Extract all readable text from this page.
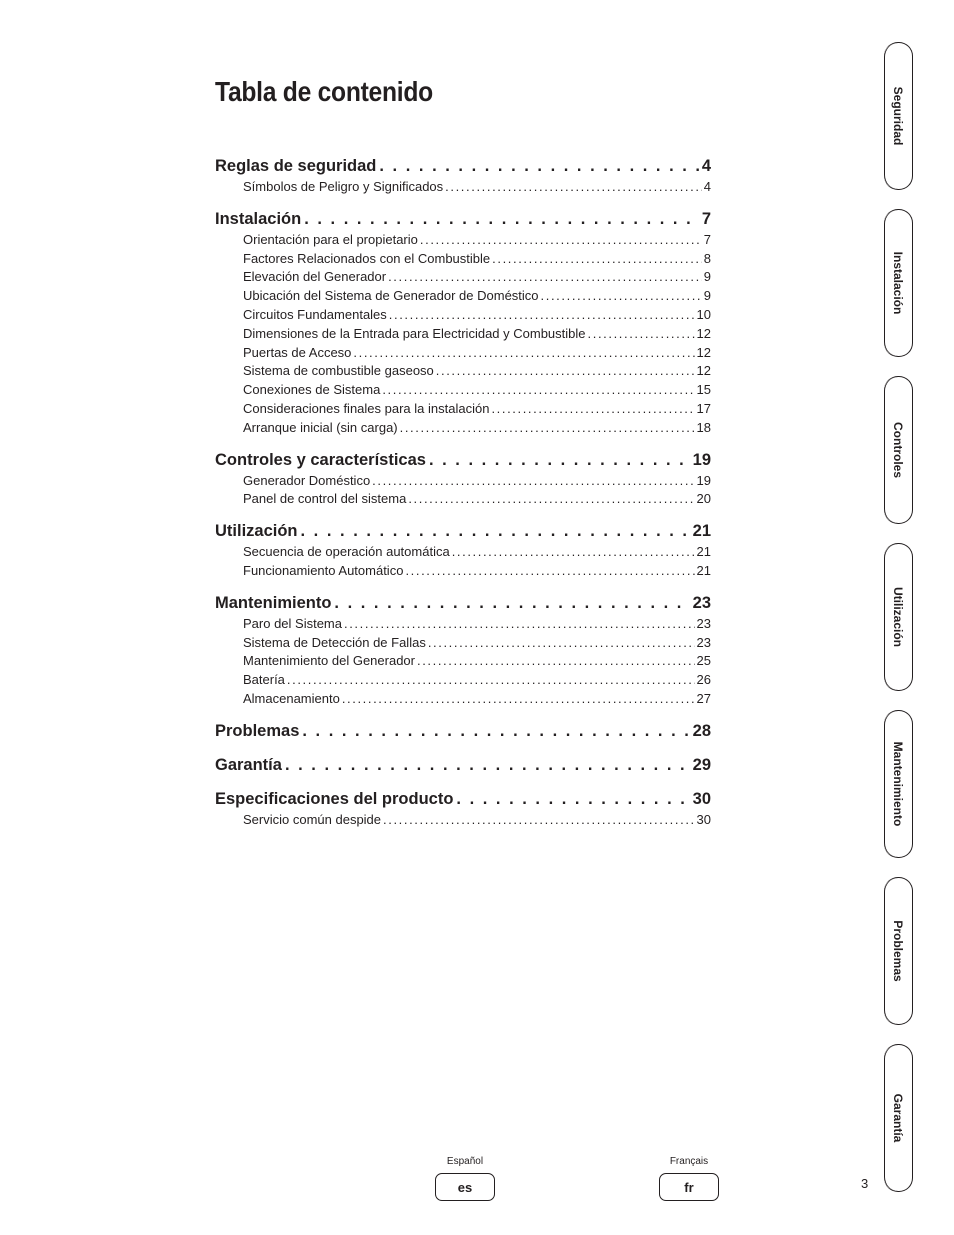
Tabla de contenido
Reglas de seguridad . . .	4
Símbolos de Peligro y Significados .....	4
Instalación . . .	7
Orientación para el propietario .....	7
Factores Relacionados con el Combustible .....	8
Elevación del Generador .....	9
Ubicación del Sistema de Generador de Doméstico .....	9
Circuitos Fundamentales .....	10
Dimensiones de la Entrada para Electricidad y Combustible .....	12
Puertas de Acceso .....	12
Sistema de combustible gaseoso .....	12
Conexiones de Sistema .....	15
Consideraciones finales para la instalación .....	17
Arranque inicial (sin carga) .....	18
Controles y características . . .	19
Generador Doméstico .....	19
Panel de control del sistema .....	20
Utilización . . .	21
Secuencia de operación automática .....	21
Funcionamiento Automático .....	21
Mantenimiento . . .	23
Paro del Sistema .....	23
Sistema de Detección de Fallas .....	23
Mantenimiento del Generador .....	25
Batería .....	26
Almacenamiento .....	27
Problemas . . .	28
Garantía . . .	29
Especificaciones del producto . . .	30
Servicio común despide .....	30
Seguridad
Instalación
Controles
Utilización
Mantenimiento
Problemas
Garantía
Español
es
Français
fr	3
